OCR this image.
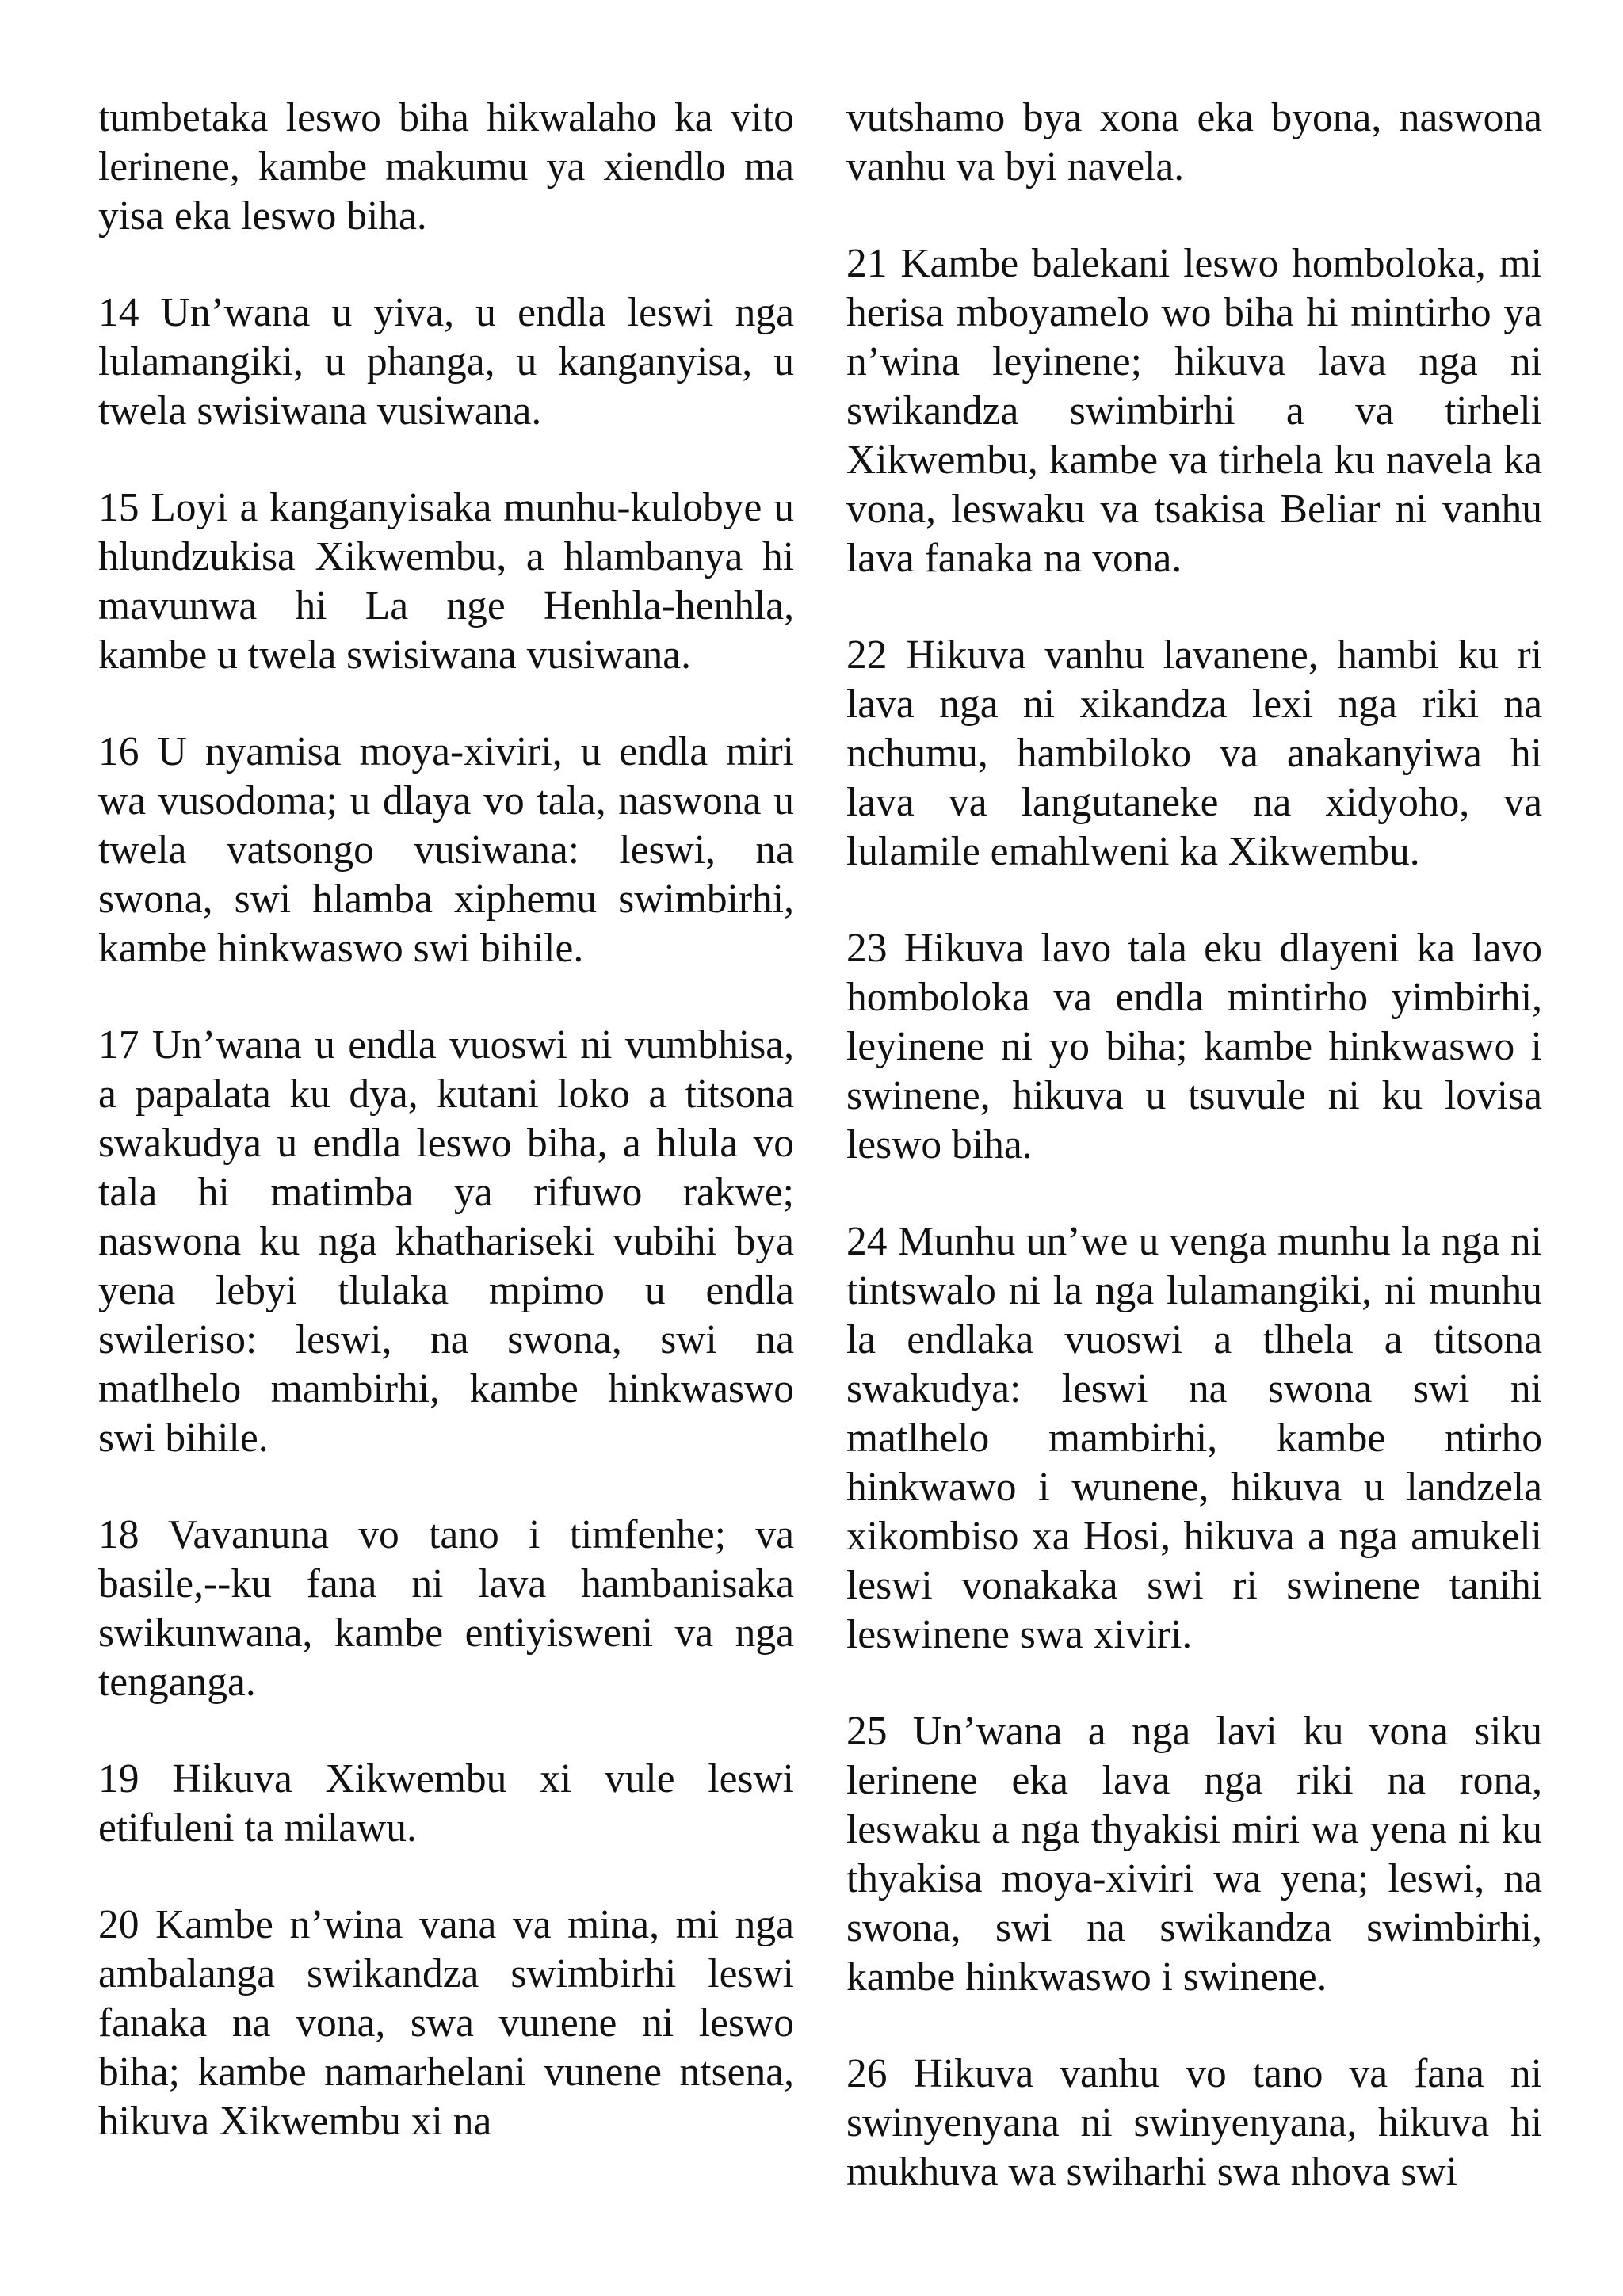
tumbetaka leswo biha hikwalaho ka vito lerinene, kambe makumu ya xiendlo ma yisa eka leswo biha.

14 Un’wana u yiva, u endla leswi nga lulamangiki, u phanga, u kanganyisa, u twela swisiwana vusiwana.

15 Loyi a kanganyisaka munhu-kulobye u hlundzukisa Xikwembu, a hlambanya hi mavunwa hi La nge Henhla-henhla, kambe u twela swisiwana vusiwana.

16 U nyamisa moya-xiviri, u endla miri wa vusodoma; u dlaya vo tala, naswona u twela vatsongo vusiwana: leswi, na swona, swi hlamba xiphemu swimbirhi, kambe hinkwaswo swi bihile.

17 Un’wana u endla vuoswi ni vumbhisa, a papalata ku dya, kutani loko a titsona swakudya u endla leswo biha, a hlula vo tala hi matimba ya rifuwo rakwe; naswona ku nga khathariseki vubihi bya yena lebyi tlulaka mpimo u endla swileriso: leswi, na swona, swi na matlhelo mambirhi, kambe hinkwaswo swi bihile.

18 Vavanuna vo tano i timfenhe; va basile,--ku fana ni lava hambanisaka swikunwana, kambe entiyisweni va nga tenganga.

19 Hikuva Xikwembu xi vule leswi etifuleni ta milawu.

20 Kambe n’wina vana va mina, mi nga ambalanga swikandza swimbirhi leswi fanaka na vona, swa vunene ni leswo biha; kambe namarhelani vunene ntsena, hikuva Xikwembu xi na

vutshamo bya xona eka byona, naswona vanhu va byi navela.

21 Kambe balekani leswo homboloka, mi herisa mboyamelo wo biha hi mintirho ya n’wina leyinene; hikuva lava nga ni swikandza swimbirhi a va tirheli Xikwembu, kambe va tirhela ku navela ka vona, leswaku va tsakisa Beliar ni vanhu lava fanaka na vona.

22 Hikuva vanhu lavanene, hambi ku ri lava nga ni xikandza lexi nga riki na nchumu, hambiloko va anakanyiwa hi lava va langutaneke na xidyoho, va lulamile emahlweni ka Xikwembu.

23 Hikuva lavo tala eku dlayeni ka lavo homboloka va endla mintirho yimbirhi, leyinene ni yo biha; kambe hinkwaswo i swinene, hikuva u tsuvule ni ku lovisa leswo biha.

24 Munhu un’we u venga munhu la nga ni tintswalo ni la nga lulamangiki, ni munhu la endlaka vuoswi a tlhela a titsona swakudya: leswi na swona swi ni matlhelo mambirhi, kambe ntirho hinkwawo i wunene, hikuva u landzela xikombiso xa Hosi, hikuva a nga amukeli leswi vonakaka swi ri swinene tanihi leswinene swa xiviri.

25 Un’wana a nga lavi ku vona siku lerinene eka lava nga riki na rona, leswaku a nga thyakisi miri wa yena ni ku thyakisa moya-xiviri wa yena; leswi, na swona, swi na swikandza swimbirhi, kambe hinkwaswo i swinene.

26 Hikuva vanhu vo tano va fana ni swinyenyana ni swinyenyana, hikuva hi mukhuva wa swiharhi swa nhova swi
